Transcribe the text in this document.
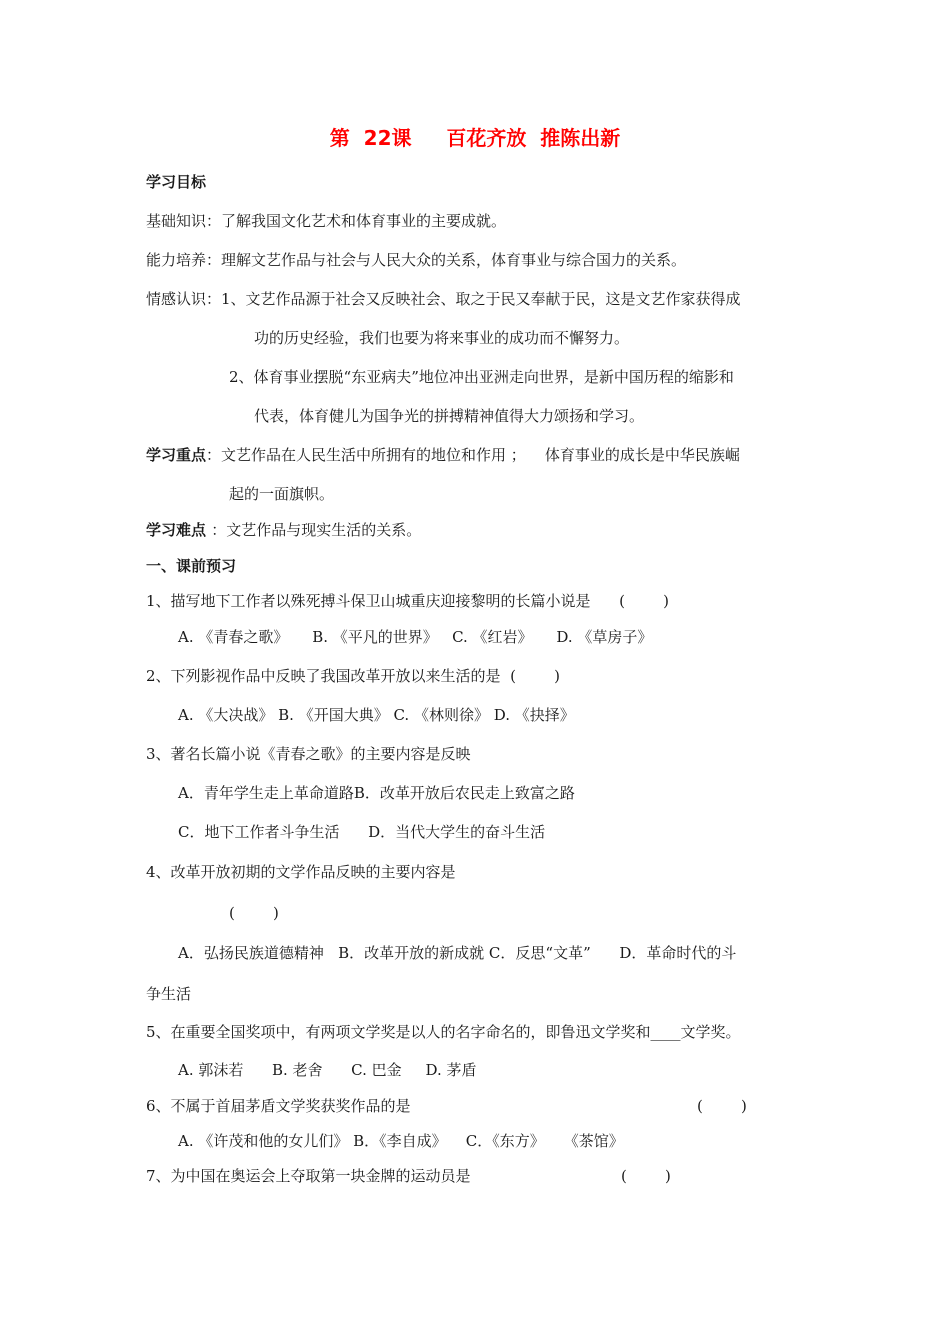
第  22课     百花齐放  推陈出新
学习目标
基础知识：了解我国文化艺术和体育事业的主要成就。
能力培养：理解文艺作品与社会与人民大众的关系，体育事业与综合国力的关系。
情感认识：1、文艺作品源于社会又反映社会、取之于民又奉献于民，这是文艺作家获得成
功的历史经验，我们也要为将来事业的成功而不懈努力。
2、体育事业摆脱“东亚病夫”地位冲出亚洲走向世界，是新中国历程的缩影和
代表，体育健儿为国争光的拼搏精神值得大力颂扬和学习。
学习重点：文艺作品在人民生活中所拥有的地位和作用 ；    体育事业的成长是中华民族崛
起的一面旗帜。
学习难点 ：文艺作品与现实生活的关系。
一、课前预习
1、描写地下工作者以殊死搏斗保卫山城重庆迎接黎明的长篇小说是      (        )
A. 《青春之歌》     B. 《平凡的世界》   C. 《红岩》     D. 《草房子》
2、下列影视作品中反映了我国改革开放以来生活的是  (        )
A. 《大决战》 B. 《开国大典》 C. 《林则徐》 D. 《抉择》
3、著名长篇小说《青春之歌》的主要内容是反映
A．青年学生走上革命道路B．改革开放后农民走上致富之路
C．地下工作者斗争生活      D．当代大学生的奋斗生活
4、改革开放初期的文学作品反映的主要内容是
(        )
A．弘扬民族道德精神   B．改革开放的新成就 C．反思“文革”      D．革命时代的斗
争生活
5、在重要全国奖项中，有两项文学奖是以人的名字命名的，即鲁迅文学奖和____文学奖。
A. 郭沫若      B. 老舍      C. 巴金     D. 茅盾
6、不属于首届茅盾文学奖获奖作品的是	(        )
A. 《许茂和他的女儿们》 B．《李自成》    C．《东方》    《茶馆》
7、为中国在奥运会上夺取第一块金牌的运动员是	(        )
